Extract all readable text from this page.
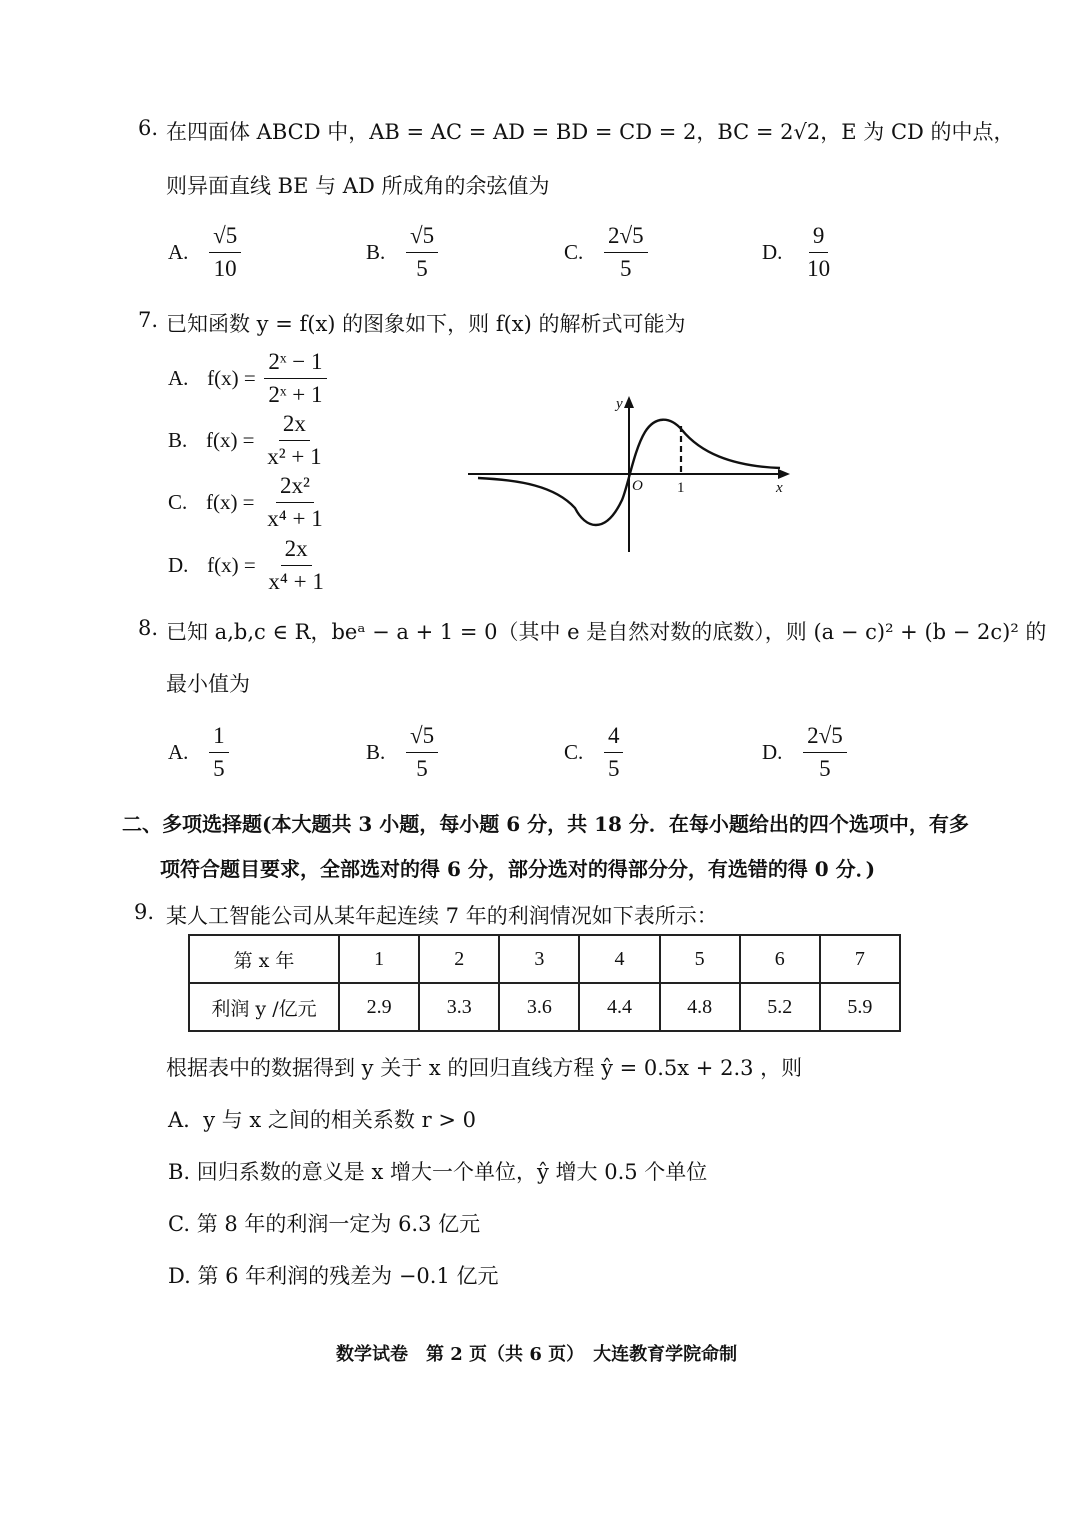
6. 在四面体 ABCD 中，AB = AC = AD = BD = CD = 2，BC = 2√2，E 为 CD 的中点，
则异面直线 BE 与 AD 所成角的余弦值为
A. $\frac{√5}{10}$	B. $\frac{√5}{5}$	C. $\frac{2√5}{5}$	D. $\frac{9}{10}$
7. 已知函数 y = f(x) 的图象如下，则 f(x) 的解析式可能为
A. $f(x) = \frac{\text{2ˣ − 1}}{\text{2ˣ + 1}}$
B. $f(x) = \frac{2x}{\text{x² + 1}}$
C. $f(x) = \frac{\text{2x²}}{\text{x⁴ + 1}}$
D. $f(x) = \frac{2x}{\text{x⁴ + 1}}$
y
x
O 1
8. 已知 a,b,c ∈ R，beᵃ − a + 1 = 0（其中 e 是自然对数的底数），则 (a − c)² + (b − 2c)² 的
最小值为
A. $\frac{1}{5}$	B. $\frac{√5}{5}$	C. $\frac{4}{5}$	D. $\frac{2√5}{5}$
二、多项选择题(本大题共 3 小题，每小题 6 分，共 18 分．在每小题给出的四个选项中，有多
项符合题目要求，全部选对的得 6 分，部分选对的得部分分，有选错的得 0 分．)
9. 某人工智能公司从某年起连续 7 年的利润情况如下表所示：
第 x 年	1	2	3	4	5	6	7
利润 y /亿元	2.9	3.3	3.6	4.4	4.8	5.2	5.9
根据表中的数据得到 y 关于 x 的回归直线方程 ŷ = 0.5x + 2.3 ，则
A. y 与 x 之间的相关系数 r > 0
B. 回归系数的意义是 x 增大一个单位，ŷ 增大 0.5 个单位
C. 第 8 年的利润一定为 6.3 亿元
D. 第 6 年利润的残差为 −0.1 亿元
数学试卷　第 2 页（共 6 页）　大连教育学院命制
